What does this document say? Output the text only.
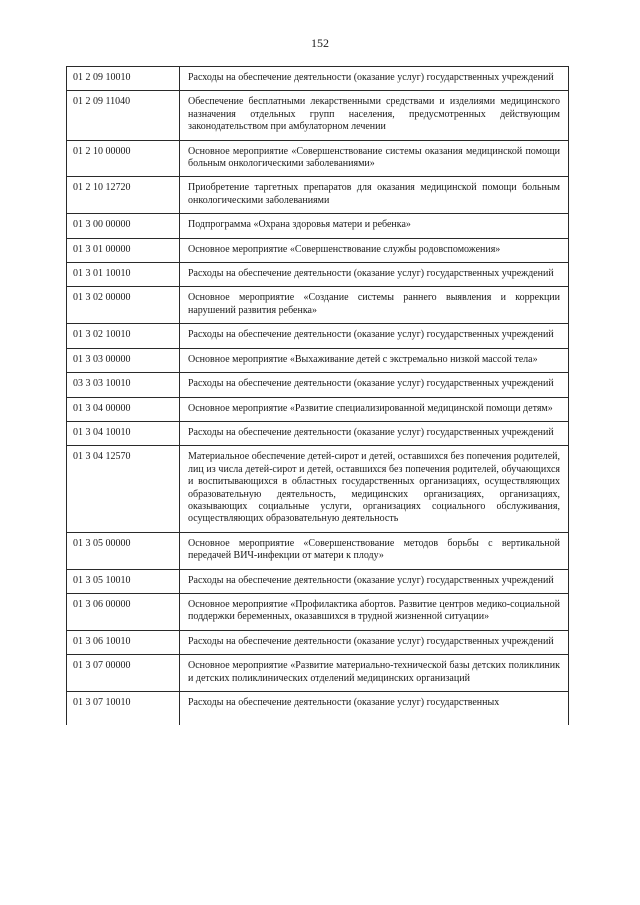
152
01 2 09 10010	Расходы на обеспечение деятельности (оказание услуг) государственных учреждений
01 2 09 11040	Обеспечение бесплатными лекарственными средствами и изделиями медицинского назначения отдельных групп населения, предусмотренных действующим законодательством при амбулаторном лечении
01 2 10 00000	Основное мероприятие «Совершенствование системы оказания медицинской помощи больным онкологическими заболеваниями»
01 2 10 12720	Приобретение таргетных препаратов для оказания медицинской помощи больным онкологическими заболеваниями
01 3 00 00000	Подпрограмма «Охрана здоровья матери и ребенка»
01 3 01 00000	Основное мероприятие «Совершенствование службы родовспоможения»
01 3 01 10010	Расходы на обеспечение деятельности (оказание услуг) государственных учреждений
01 3 02 00000	Основное мероприятие «Создание системы раннего выявления и коррекции нарушений развития ребенка»
01 3 02 10010	Расходы на обеспечение деятельности (оказание услуг) государственных учреждений
01 3 03 00000	Основное мероприятие «Выхаживание детей с экстремально низкой массой тела»
03 3 03 10010	Расходы на обеспечение деятельности (оказание услуг) государственных учреждений
01 3 04 00000	Основное мероприятие «Развитие специализированной медицинской помощи детям»
01 3 04 10010	Расходы на обеспечение деятельности (оказание услуг) государственных учреждений
01 3 04 12570	Материальное обеспечение детей-сирот и детей, оставшихся без попечения родителей, лиц из числа детей-сирот и детей, оставшихся без попечения родителей, обучающихся и воспитывающихся в областных государственных организациях, осуществляющих образовательную деятельность, медицинских организациях, организациях, оказывающих социальные услуги, организациях социального обслуживания, осуществляющих образовательную деятельность
01 3 05 00000	Основное мероприятие «Совершенствование методов борьбы с вертикальной передачей ВИЧ-инфекции от матери к плоду»
01 3 05 10010	Расходы на обеспечение деятельности (оказание услуг) государственных учреждений
01 3 06 00000	Основное мероприятие «Профилактика абортов. Развитие центров медико-социальной поддержки беременных, оказавшихся в трудной жизненной ситуации»
01 3 06 10010	Расходы на обеспечение деятельности (оказание услуг) государственных учреждений
01 3 07 00000	Основное мероприятие «Развитие материально-технической базы детских поликлиник и детских поликлинических отделений медицинских организаций
01 3 07 10010	Расходы на обеспечение деятельности (оказание услуг) государственных
